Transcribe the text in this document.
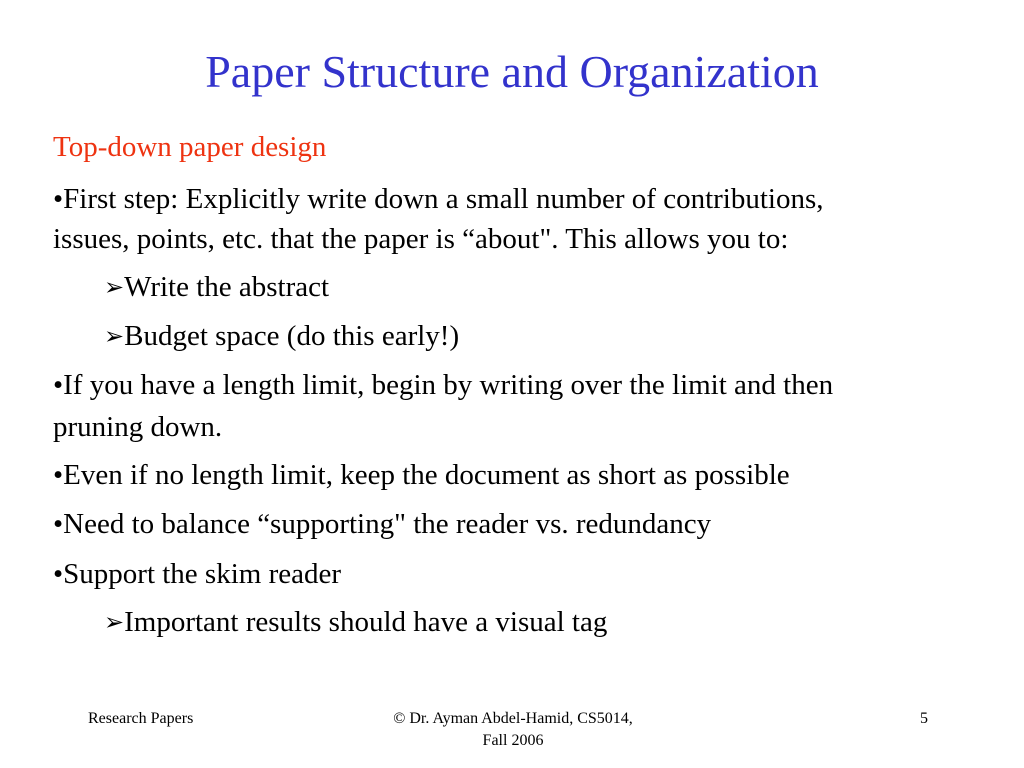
Paper Structure and Organization

Top-down paper design

•First step: Explicitly write down a small number of contributions,

issues, points, etc. that the paper is “about". This allows you to:

➢Write the abstract

➢Budget space (do this early!)

•If you have a length limit, begin by writing over the limit and then

pruning down.

•Even if no length limit, keep the document as short as possible

•Need to balance “supporting" the reader vs. redundancy

•Support the skim reader

➢Important results should have a visual tag

Research Papers	© Dr. Ayman Abdel-Hamid, CS5014,
Fall 2006
5
